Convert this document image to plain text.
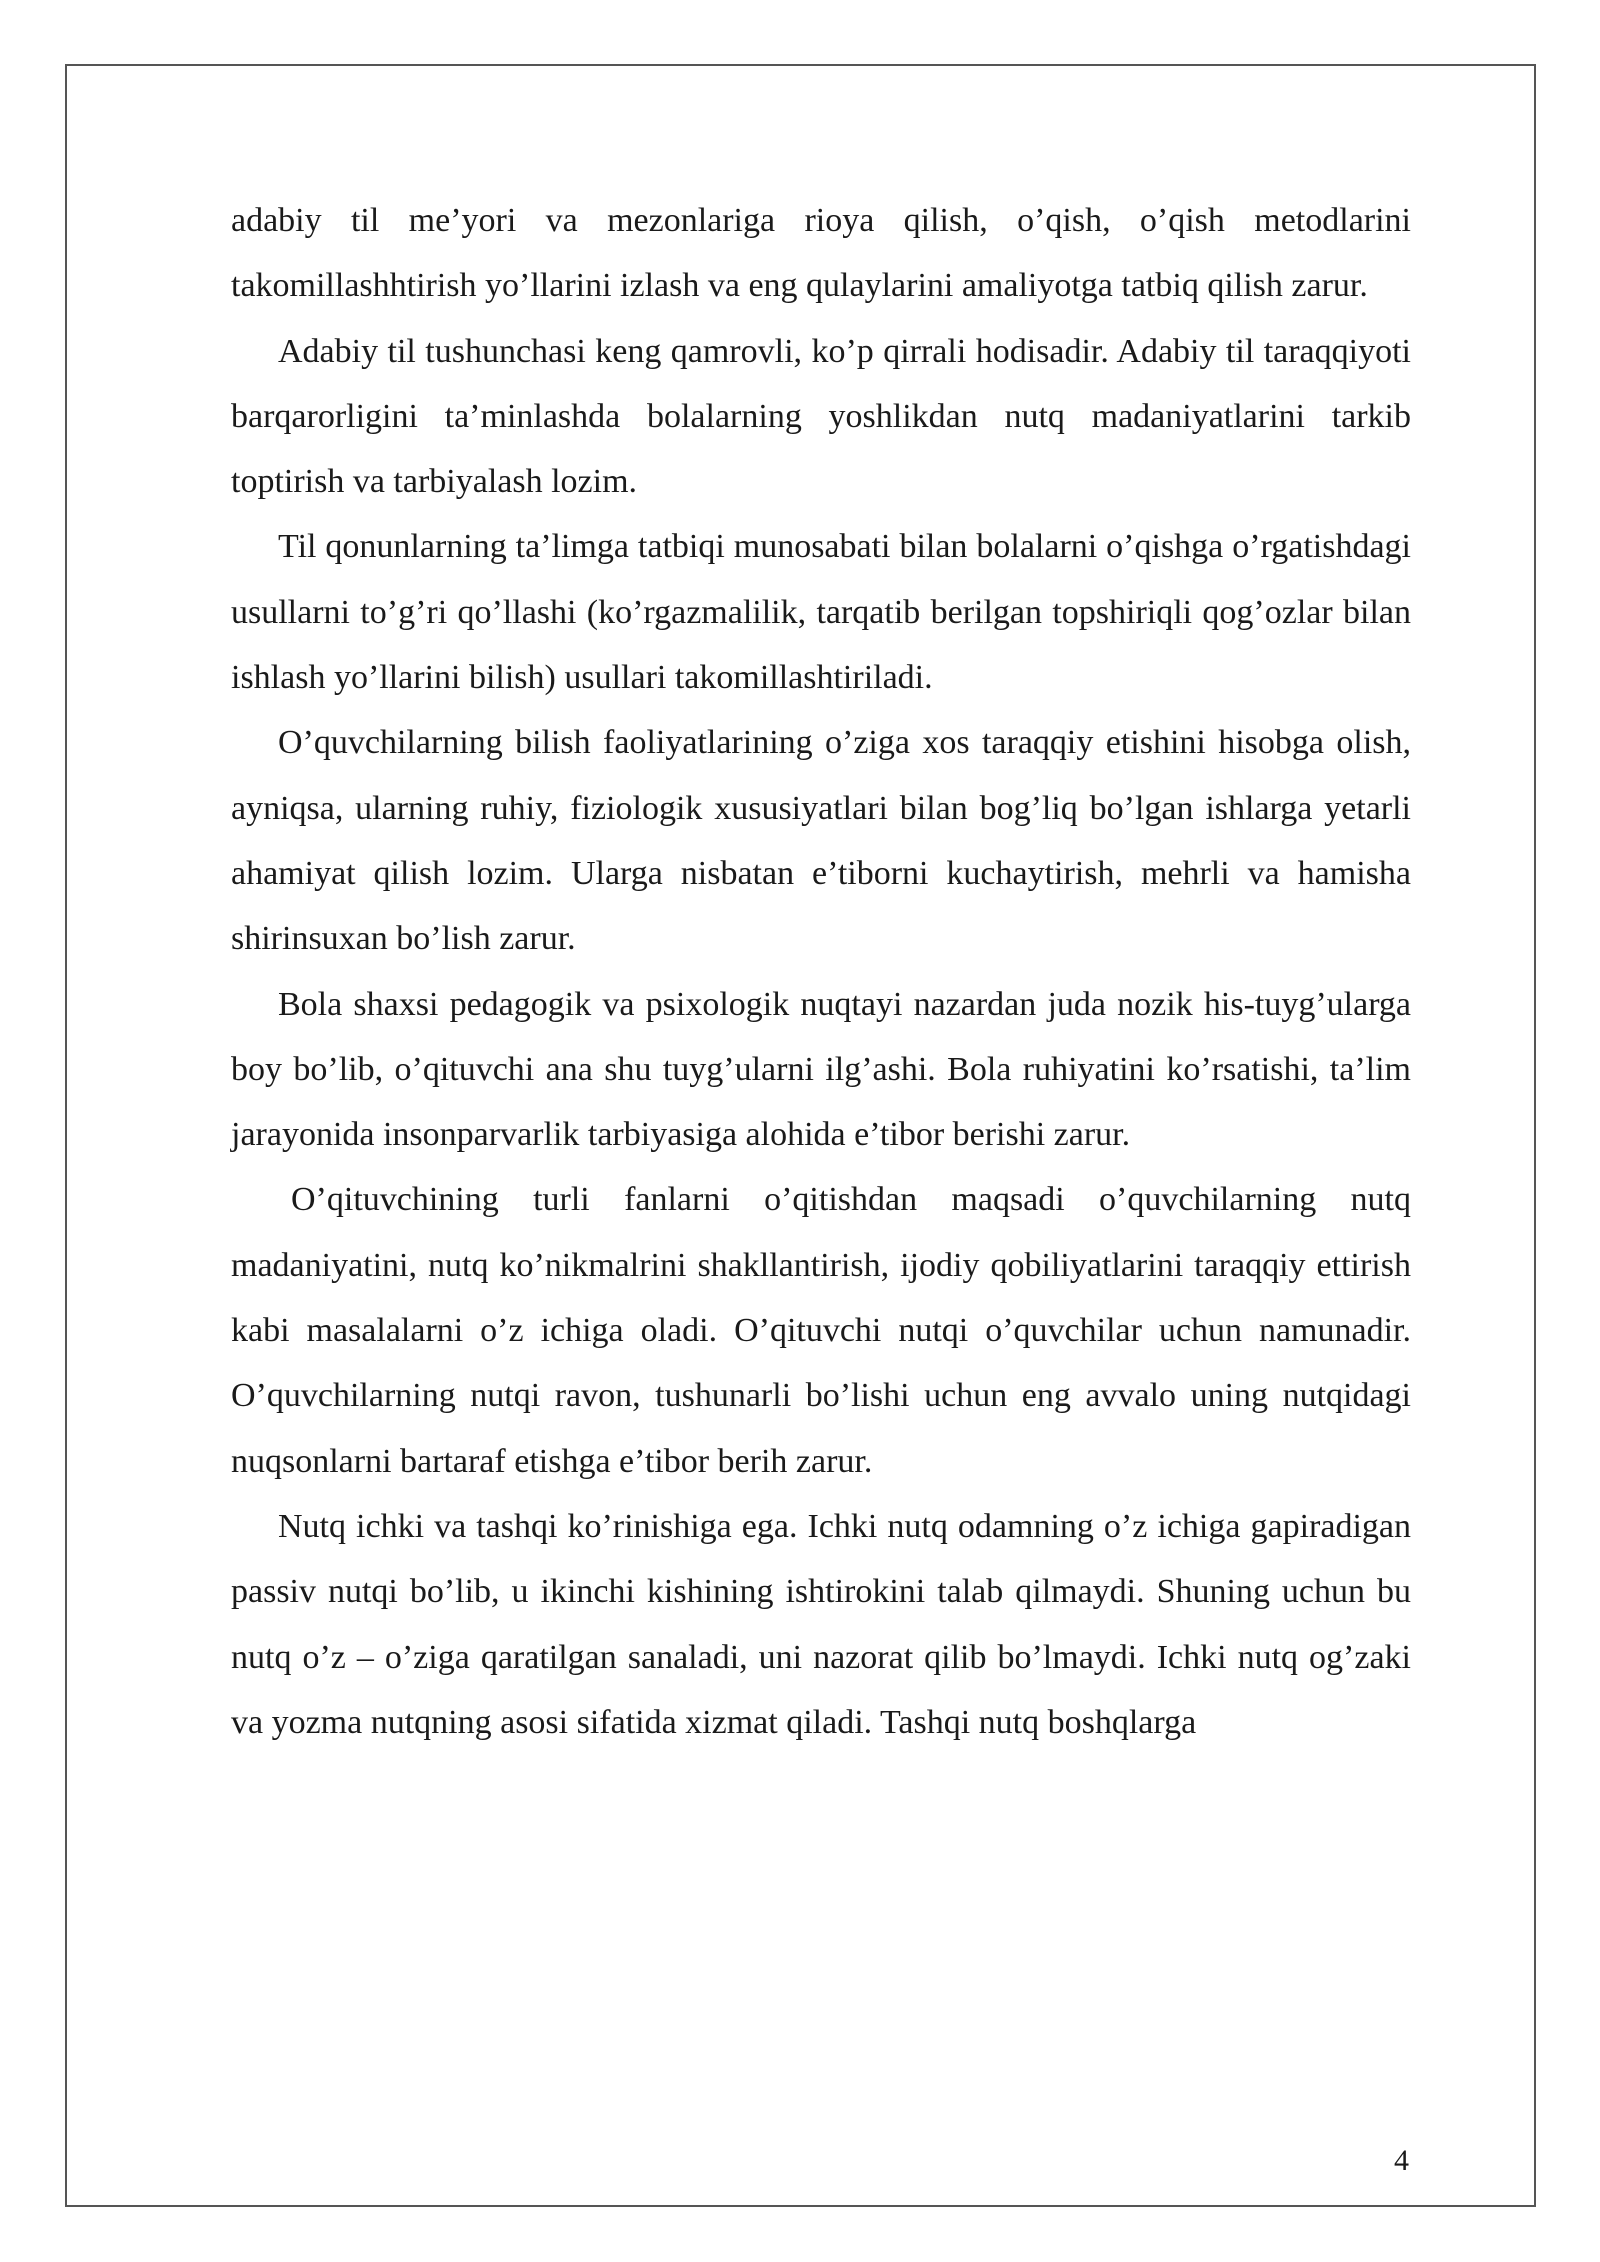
adabiy til me’yori va mezonlariga rioya qilish, o’qish, o’qish metodlarini takomillashhtirish yo’llarini izlash va eng qulaylarini amaliyotga tatbiq qilish zarur.

Adabiy til tushunchasi keng qamrovli, ko’p qirrali hodisadir. Adabiy til taraqqiyoti barqarorligini ta’minlashda bolalarning yoshlikdan nutq madaniyatlarini tarkib toptirish va tarbiyalash lozim.

Til qonunlarning ta’limga tatbiqi munosabati bilan bolalarni o’qishga o’rgatishdagi usullarni to’g’ri qo’llashi (ko’rgazmalilik, tarqatib berilgan topshiriqli qog’ozlar bilan ishlash yo’llarini bilish) usullari takomillashtiriladi.

O’quvchilarning bilish faoliyatlarining o’ziga xos taraqqiy etishini hisobga olish, ayniqsa, ularning ruhiy, fiziologik xususiyatlari bilan bog’liq bo’lgan ishlarga yetarli ahamiyat qilish lozim. Ularga nisbatan e’tiborni kuchaytirish, mehrli va hamisha shirinsuxan bo’lish zarur.

Bola shaxsi pedagogik va psixologik nuqtayi nazardan juda nozik his-tuyg’ularga boy bo’lib, o’qituvchi ana shu tuyg’ularni ilg’ashi. Bola ruhiyatini ko’rsatishi, ta’lim jarayonida insonparvarlik tarbiyasiga alohida e’tibor berishi zarur.

O’qituvchining turli fanlarni o’qitishdan maqsadi o’quvchilarning nutq madaniyatini, nutq ko’nikmalrini shakllantirish, ijodiy qobiliyatlarini taraqqiy ettirish kabi masalalarni o’z ichiga oladi. O’qituvchi nutqi o’quvchilar uchun namunadir. O’quvchilarning nutqi ravon, tushunarli bo’lishi uchun eng avvalo uning nutqidagi nuqsonlarni bartaraf etishga e’tibor berih zarur.

Nutq ichki va tashqi ko’rinishiga ega. Ichki nutq odamning o’z ichiga gapiradigan passiv nutqi bo’lib, u ikinchi kishining ishtirokini talab qilmaydi. Shuning uchun bu nutq o’z – o’ziga qaratilgan sanaladi, uni nazorat qilib bo’lmaydi. Ichki nutq og’zaki va yozma nutqning asosi sifatida xizmat qiladi. Tashqi nutq boshqlarga

4
